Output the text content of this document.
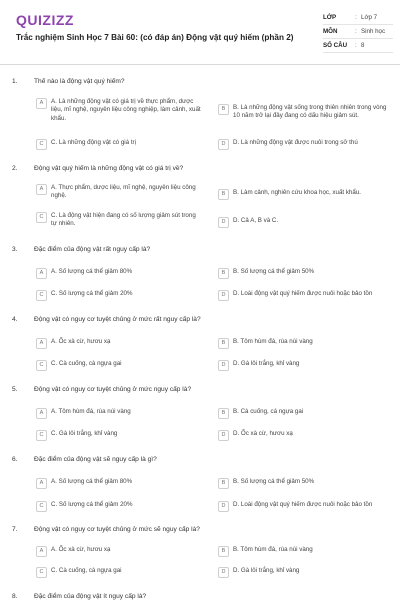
QUIZIZZ
Trắc nghiệm Sinh Học 7 Bài 60: (có đáp án) Động vật quý hiếm (phần 2)
LỚP	: Lớp 7
MÔN	: Sinh học
SỐ CÂU	: 8
1.	Thế nào là động vật quý hiếm?
A	A. Là những động vật có giá trị về thực phẩm, dược liệu, mĩ nghệ, nguyên liệu công nghiệp, làm cảnh, xuất khẩu.
B	B. Là những động vật sống trong thiên nhiên trong vòng 10 năm trở lại đây đang có dấu hiệu giảm sút.
C	C. Là những động vật có giá trị	D	D. Là những động vật được nuôi trong sở thú
2.	Động vật quý hiếm là những động vật có giá trị về?
A	A. Thực phẩm, dược liệu, mĩ nghệ, nguyên liệu công nghệ.	B	B. Làm cảnh, nghiên cứu khoa học, xuất khẩu.
C	C. Là động vật hiện đang có số lượng giảm sút trong tự nhiên.	D	D. Cả A, B và C.
3.	Đặc điểm của động vật rất nguy cấp là?
A	A. Số lượng cá thể giảm 80%	B	B. Số lượng cá thể giảm 50%
C	C. Số lượng cá thể giảm 20%	D	D. Loài động vật quý hiếm được nuôi hoặc bảo tồn
4.	Động vật có nguy cơ tuyệt chủng ở mức rất nguy cấp là?
A	A. Ốc xà cừ, hươu xạ	B	B. Tôm hùm đá, rùa núi vàng
C	C. Cà cuống, cà ngựa gai	D	D. Gà lôi trắng, khỉ vàng
5.	Động vật có nguy cơ tuyệt chủng ở mức nguy cấp là?
A	A. Tôm hùm đá, rùa núi vàng	B	B. Cà cuống, cá ngựa gai
C	C. Gà lôi trắng, khỉ vàng	D	D. Ốc xà cừ, hươu xạ
6.	Đặc điểm của động vật sẽ nguy cấp là gì?
A	A. Số lượng cá thể giảm 80%	B	B. Số lượng cá thể giảm 50%
C	C. Số lượng cá thể giảm 20%	D	D. Loài động vật quý hiếm được nuôi hoặc bảo tồn
7.	Động vật có nguy cơ tuyệt chủng ở mức sẽ nguy cấp là?
A	A. Ốc xà cừ, hươu xạ	B	B. Tôm hùm đá, rùa núi vàng
C	C. Cà cuống, cà ngựa gai	D	D. Gà lôi trắng, khỉ vàng
8.	Đặc điểm của động vật ít nguy cấp là?
